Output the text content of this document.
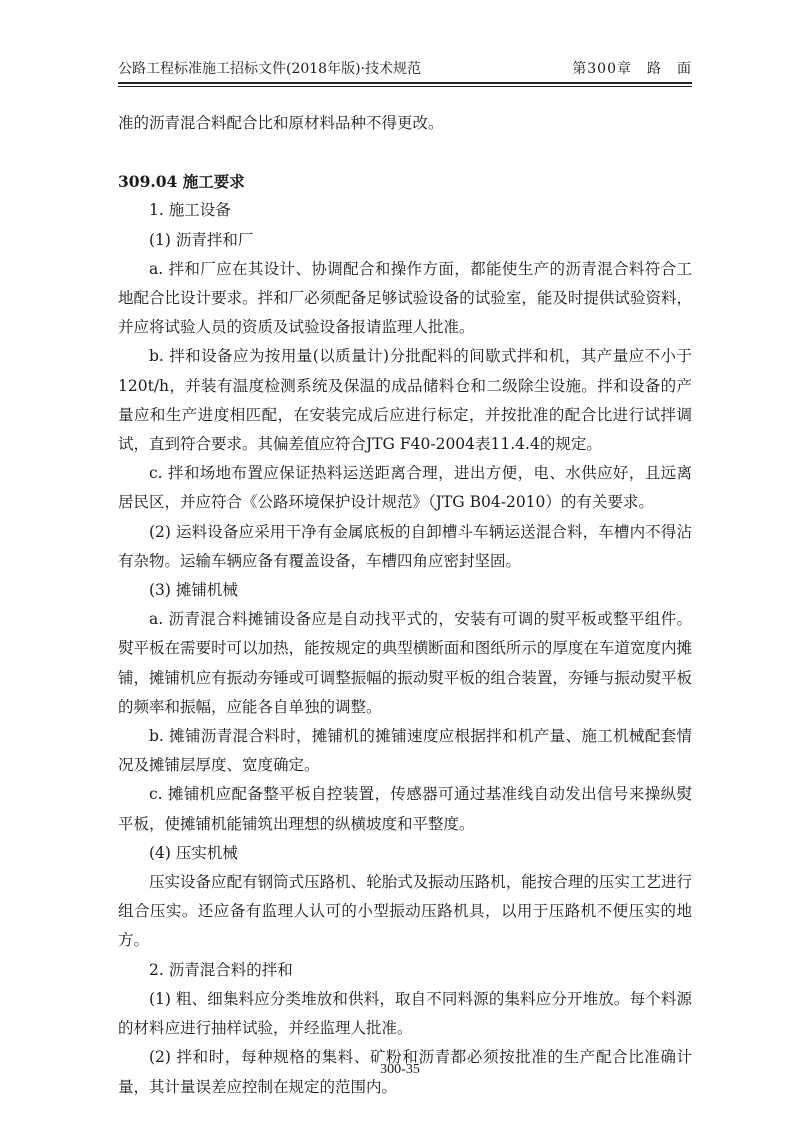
公路工程标准施工招标文件(2018年版)·技术规范	第300章　路　面

准的沥青混合料配合比和原材料品种不得更改。

309.04 施工要求

1. 施工设备

(1) 沥青拌和厂

a. 拌和厂应在其设计、协调配合和操作方面，都能使生产的沥青混合料符合工地配合比设计要求。拌和厂必须配备足够试验设备的试验室，能及时提供试验资料，并应将试验人员的资质及试验设备报请监理人批准。

b. 拌和设备应为按用量(以质量计)分批配料的间歇式拌和机，其产量应不小于120t/h，并装有温度检测系统及保温的成品储料仓和二级除尘设施。拌和设备的产量应和生产进度相匹配，在安装完成后应进行标定，并按批准的配合比进行试拌调试，直到符合要求。其偏差值应符合JTG F40-2004表11.4.4的规定。

c. 拌和场地布置应保证热料运送距离合理，进出方便，电、水供应好，且远离居民区，并应符合《公路环境保护设计规范》（JTG B04-2010）的有关要求。

(2) 运料设备应采用干净有金属底板的自卸槽斗车辆运送混合料，车槽内不得沾有杂物。运输车辆应备有覆盖设备，车槽四角应密封坚固。

(3) 摊铺机械

a. 沥青混合料摊铺设备应是自动找平式的，安装有可调的熨平板或整平组件。熨平板在需要时可以加热，能按规定的典型横断面和图纸所示的厚度在车道宽度内摊铺，摊铺机应有振动夯锤或可调整振幅的振动熨平板的组合装置，夯锤与振动熨平板的频率和振幅，应能各自单独的调整。

b. 摊铺沥青混合料时，摊铺机的摊铺速度应根据拌和机产量、施工机械配套情况及摊铺层厚度、宽度确定。

c. 摊铺机应配备整平板自控装置，传感器可通过基准线自动发出信号来操纵熨平板，使摊铺机能铺筑出理想的纵横坡度和平整度。

(4) 压实机械

压实设备应配有钢筒式压路机、轮胎式及振动压路机，能按合理的压实工艺进行组合压实。还应备有监理人认可的小型振动压路机具，以用于压路机不便压实的地方。

2. 沥青混合料的拌和

(1) 粗、细集料应分类堆放和供料，取自不同料源的集料应分开堆放。每个料源的材料应进行抽样试验，并经监理人批准。

(2) 拌和时，每种规格的集料、矿粉和沥青都必须按批准的生产配合比准确计量，其计量误差应控制在规定的范围内。

300-35
